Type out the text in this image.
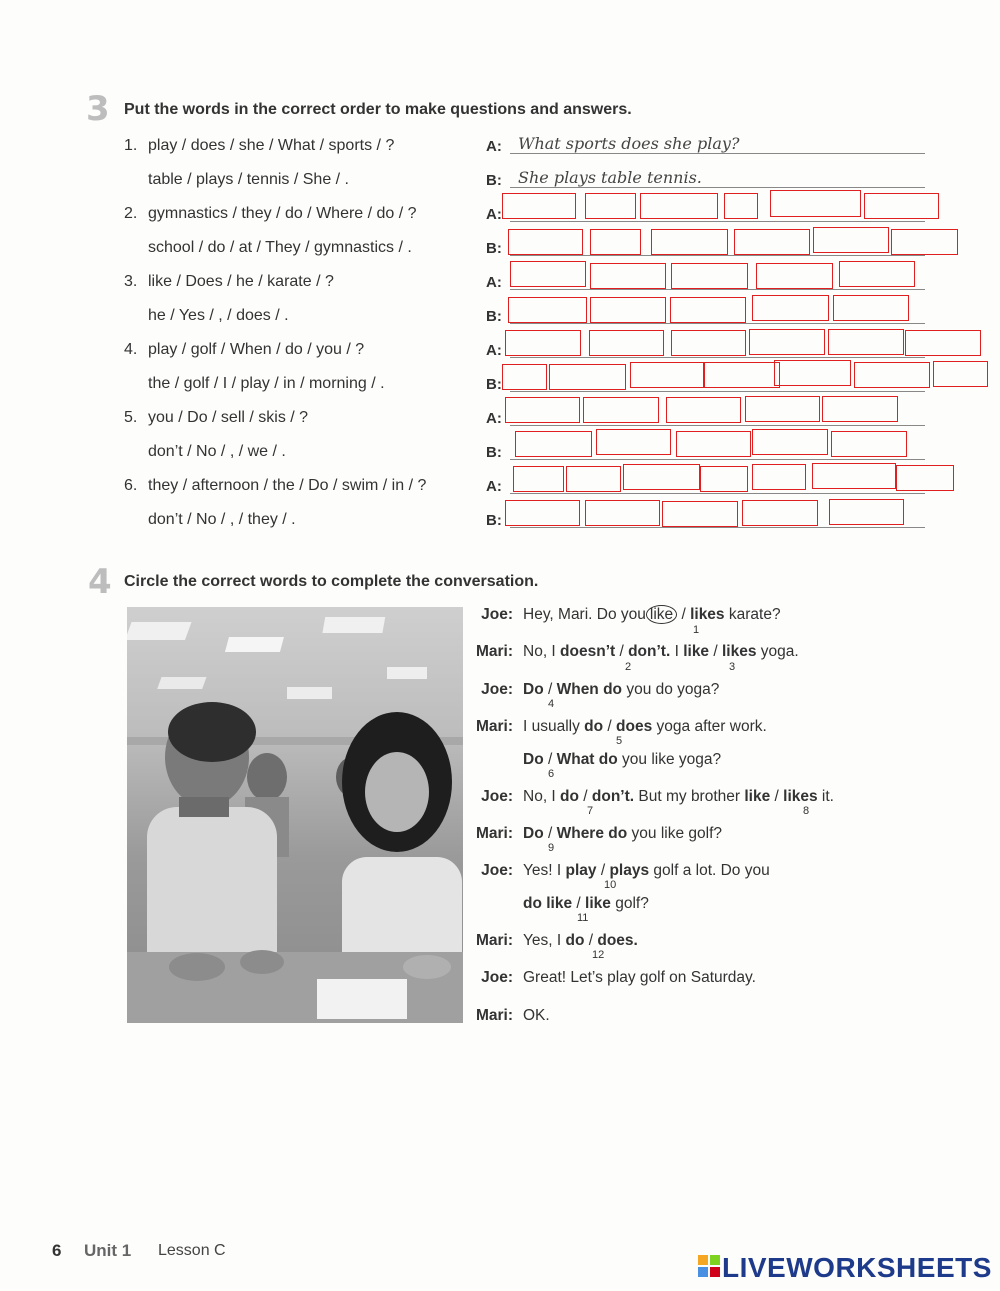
3 Put the words in the correct order to make questions and answers.
1. play / does / she / What / sports / ?
table / plays / tennis / She / .
A:
B:
What sports does she play?
She plays table tennis.
2. gymnastics / they / do / Where / do / ?
school / do / at / They / gymnastics / .
A:
B:
3. like / Does / he / karate / ?
he / Yes / , / does / .
A:
B:
4. play / golf / When / do / you / ?
the / golf / I / play / in / morning / .
A:
B:
5. you / Do / sell / skis / ?
don’t / No / , / we / .
A:
B:
6. they / afternoon / the / Do / swim / in / ?
don’t / No / , / they / .
A:
B:
4 Circle the correct words to complete the conversation.
Joe: Hey, Mari. Do you like / likes karate?
1
Mari: No, I doesn’t / don’t. I like / likes yoga.
2	3
Joe: Do / When do you do yoga?
4
Mari: I usually do / does yoga after work.
5
Do / What do you like yoga?
6
Joe: No, I do / don’t. But my brother like / likes it.
7	8
Mari: Do / Where do you like golf?
9
Joe: Yes! I play / plays golf a lot. Do you
10
do like / like golf?
11
Mari: Yes, I do / does.
12
Joe: Great! Let’s play golf on Saturday.
Mari: OK.
6 Unit 1 Lesson C
LIVEWORKSHEETS
